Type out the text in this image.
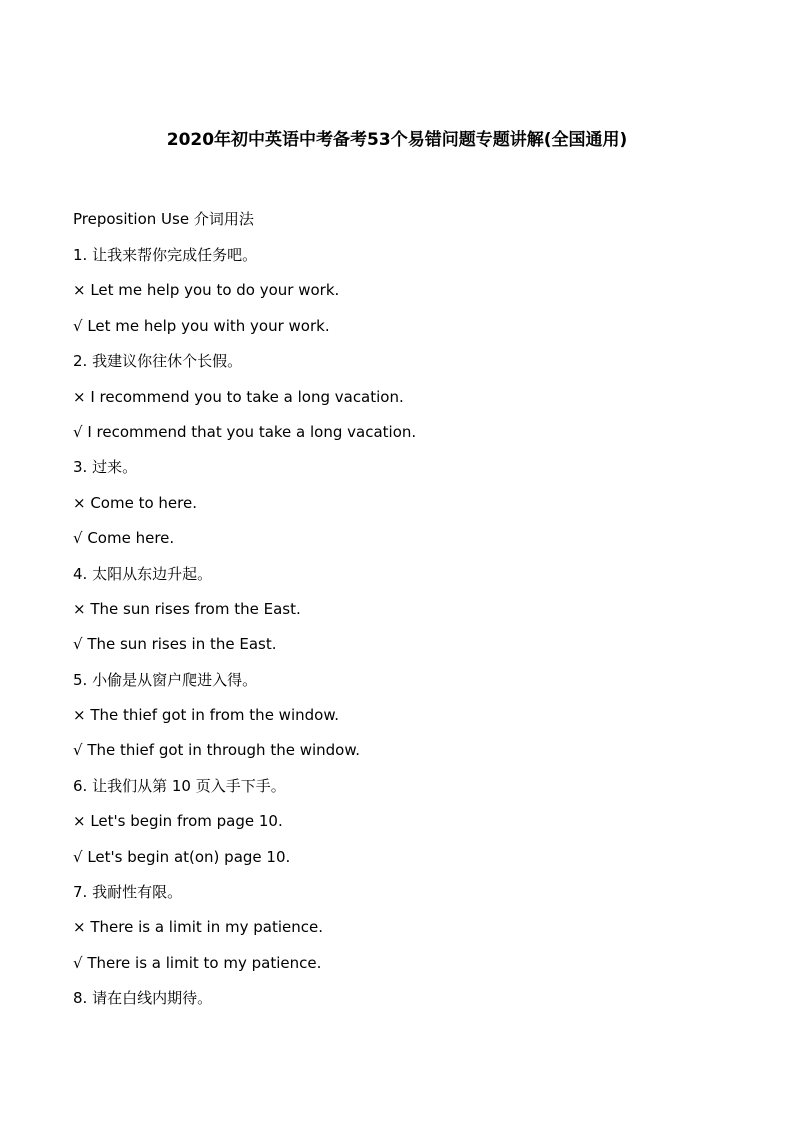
2020年初中英语中考备考53个易错问题专题讲解(全国通用)
Preposition Use 介词用法
1. 让我来帮你完成任务吧。
× Let me help you to do your work.
√ Let me help you with your work.
2. 我建议你往休个长假。
× I recommend you to take a long vacation.
√ I recommend that you take a long vacation.
3. 过来。
× Come to here.
√ Come here.
4. 太阳从东边升起。
× The sun rises from the East.
√ The sun rises in the East.
5. 小偷是从窗户爬进入得。
× The thief got in from the window.
√ The thief got in through the window.
6. 让我们从第 10 页入手下手。
× Let's begin from page 10.
√ Let's begin at(on) page 10.
7. 我耐性有限。
× There is a limit in my patience.
√ There is a limit to my patience.
8. 请在白线内期待。
